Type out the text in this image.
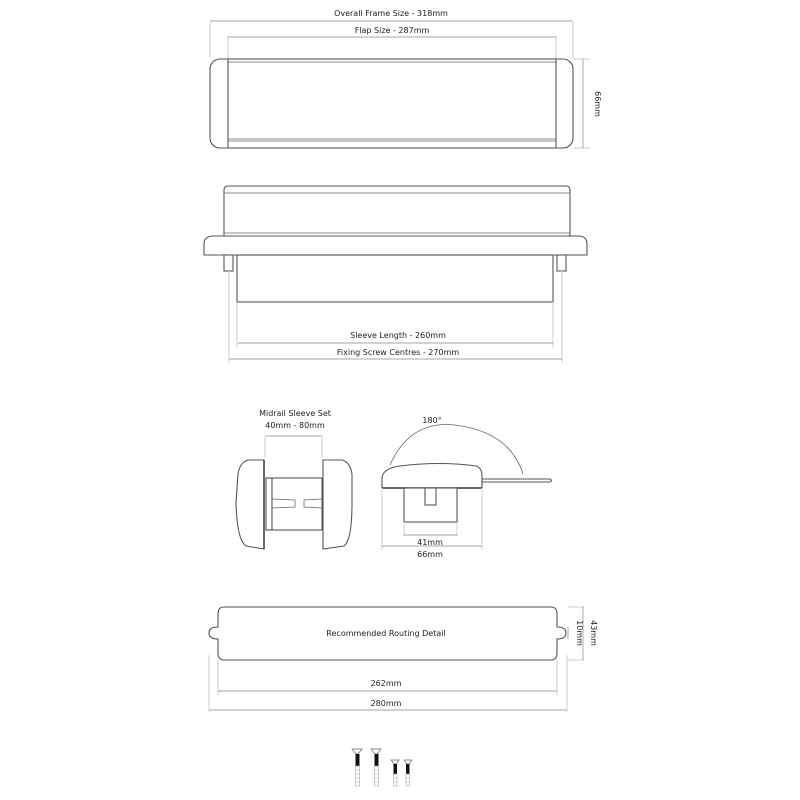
Overall Frame Size - 318mm
Flap Size - 287mm
66mm
Sleeve Length - 260mm
Fixing Screw Centres - 270mm
Midrail Sleeve Set
40mm - 80mm
180°
41mm
66mm
Recommended Routing Detail
262mm
280mm
10mm 43mm
